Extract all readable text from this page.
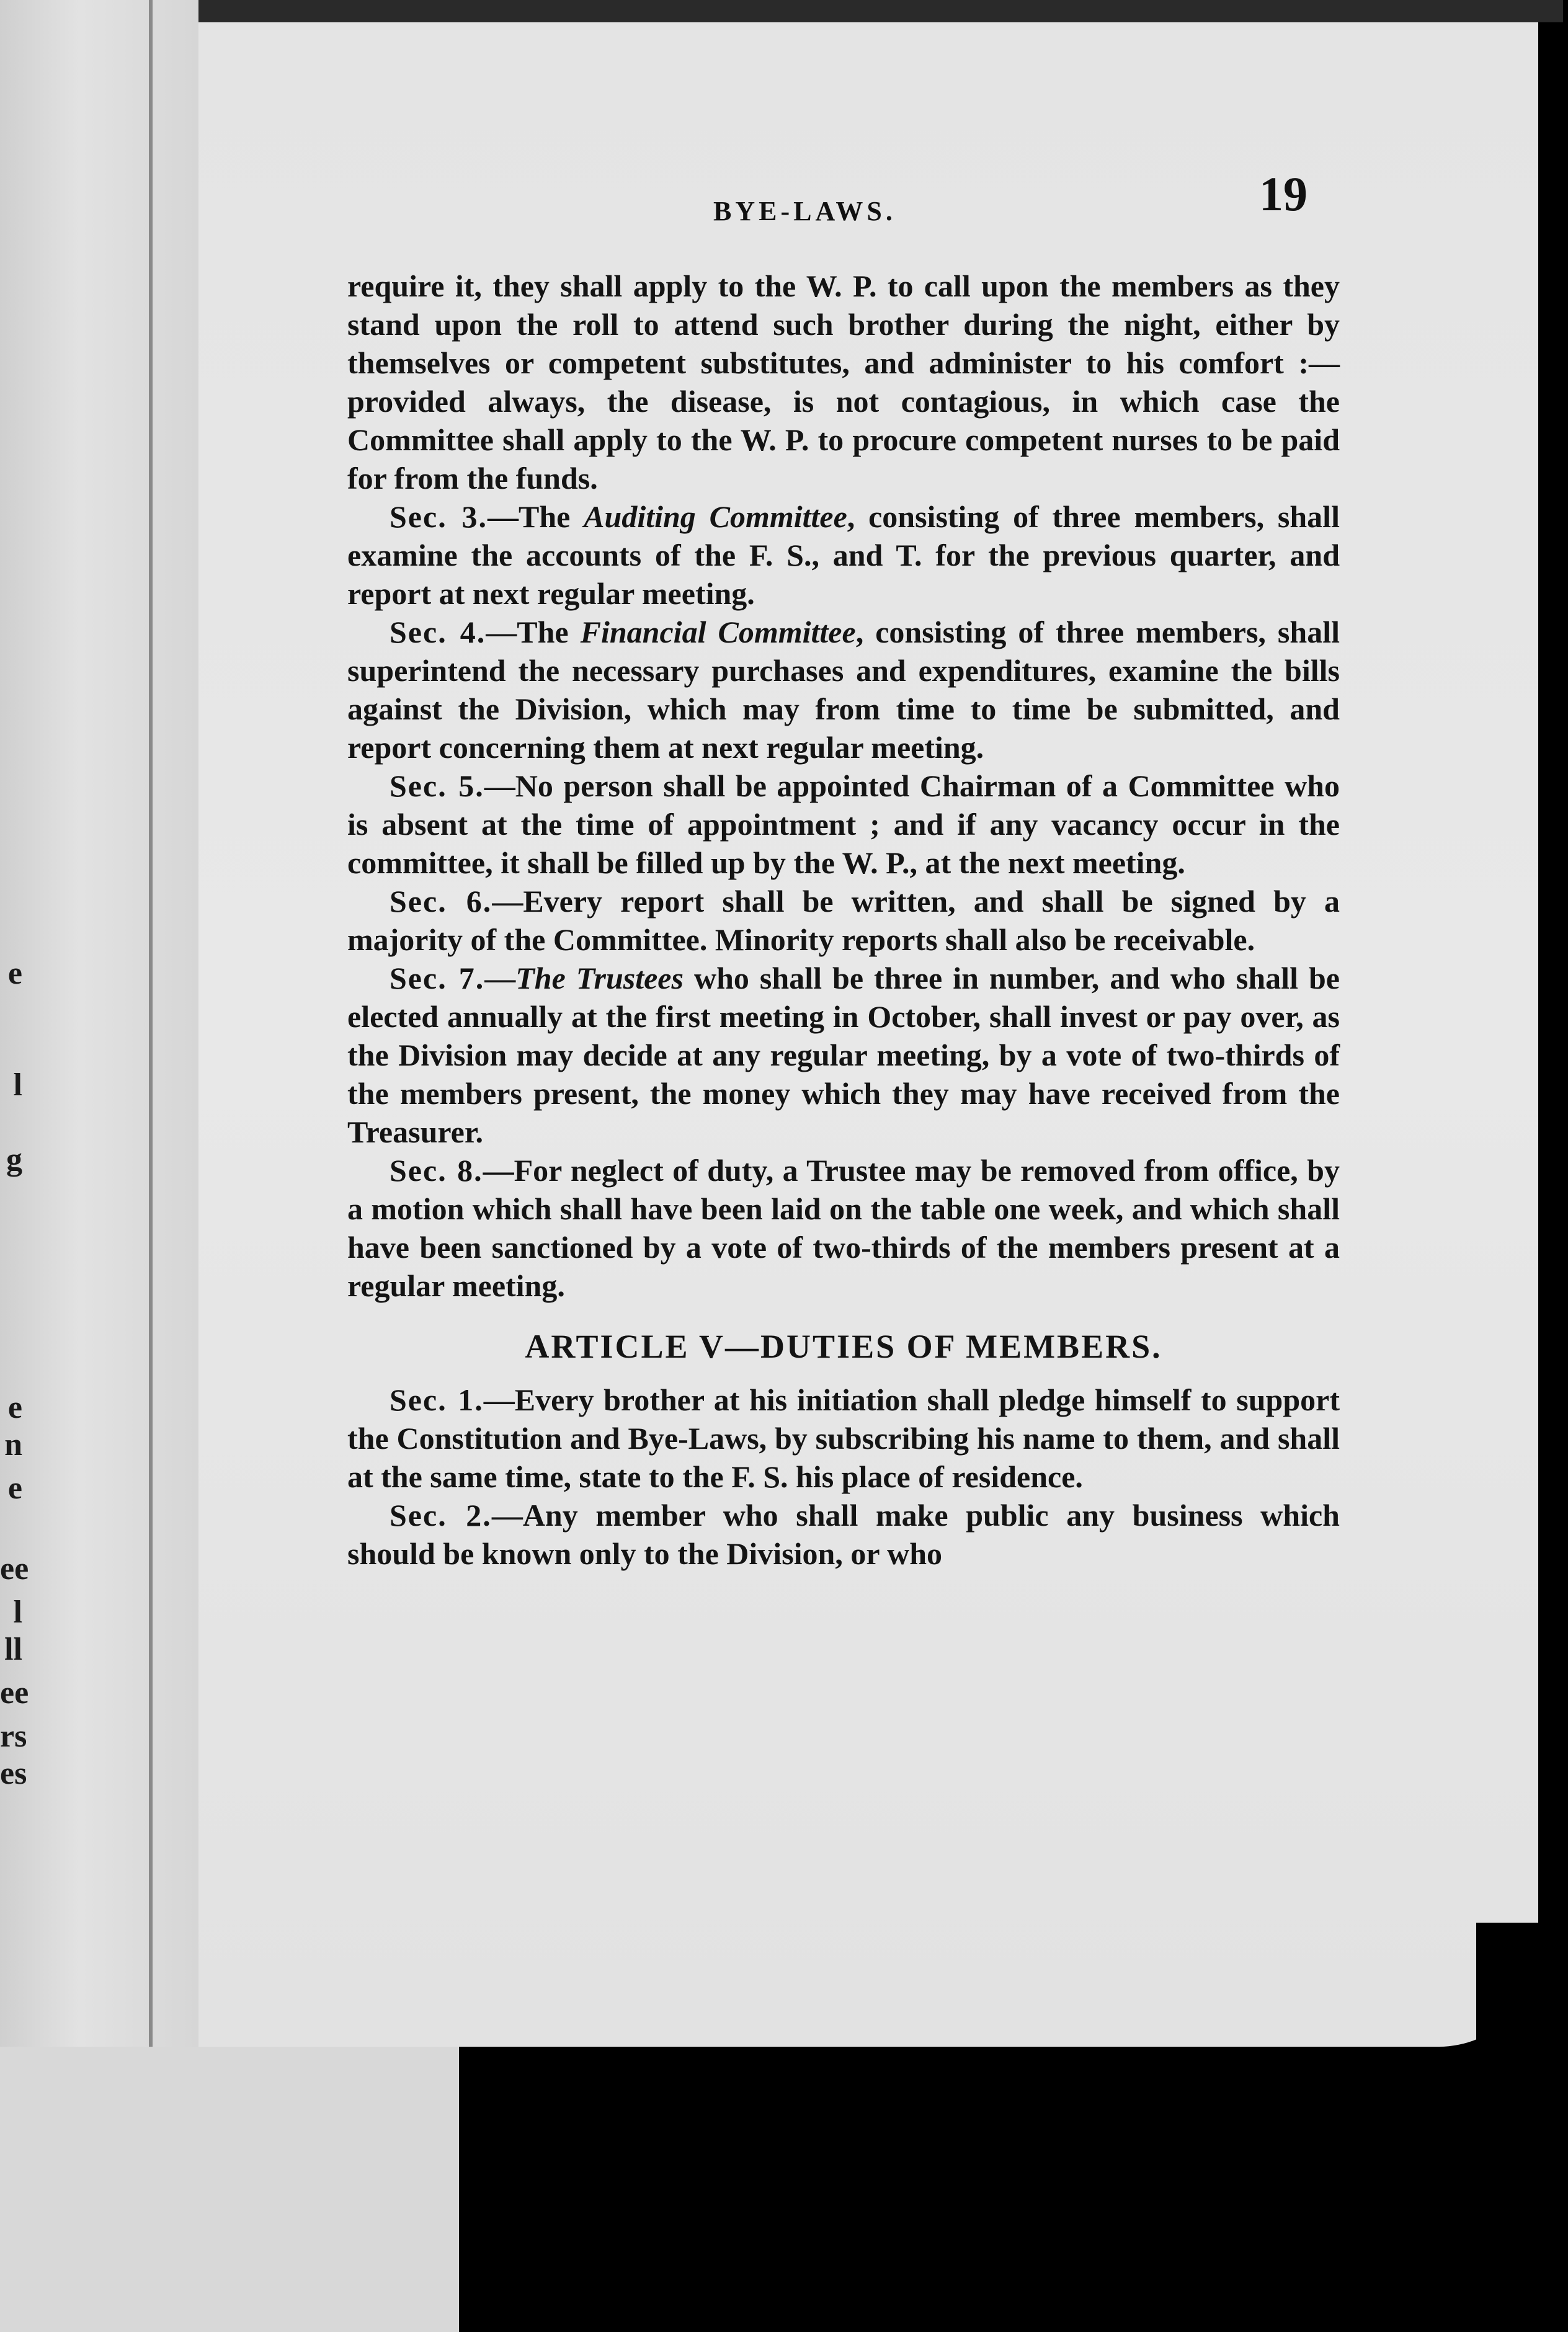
e
l
g
e
n
e
ee
l
ll
ee
rs
es
BYE-LAWS.	19

require it, they shall apply to the W. P. to call upon the members as they stand upon the roll to attend such brother during the night, either by themselves or competent substitutes, and administer to his comfort :—provided always, the disease, is not contagious, in which case the Committee shall apply to the W. P. to procure competent nurses to be paid for from the funds.

Sec. 3.—The Auditing Committee, consisting of three members, shall examine the accounts of the F. S., and T. for the previous quarter, and report at next regular meeting.

Sec. 4.—The Financial Committee, consisting of three members, shall superintend the necessary purchases and expenditures, examine the bills against the Division, which may from time to time be submitted, and report concerning them at next regular meeting.

Sec. 5.—No person shall be appointed Chairman of a Committee who is absent at the time of appointment ; and if any vacancy occur in the committee, it shall be filled up by the W. P., at the next meeting.

Sec. 6.—Every report shall be written, and shall be signed by a majority of the Committee. Minority reports shall also be receivable.

Sec. 7.—The Trustees who shall be three in number, and who shall be elected annually at the first meeting in October, shall invest or pay over, as the Division may decide at any regular meeting, by a vote of two-thirds of the members present, the money which they may have received from the Treasurer.

Sec. 8.—For neglect of duty, a Trustee may be removed from office, by a motion which shall have been laid on the table one week, and which shall have been sanctioned by a vote of two-thirds of the members present at a regular meeting.

ARTICLE V—DUTIES OF MEMBERS.

Sec. 1.—Every brother at his initiation shall pledge himself to support the Constitution and Bye-Laws, by subscribing his name to them, and shall at the same time, state to the F. S. his place of residence.

Sec. 2.—Any member who shall make public any business which should be known only to the Division, or who
